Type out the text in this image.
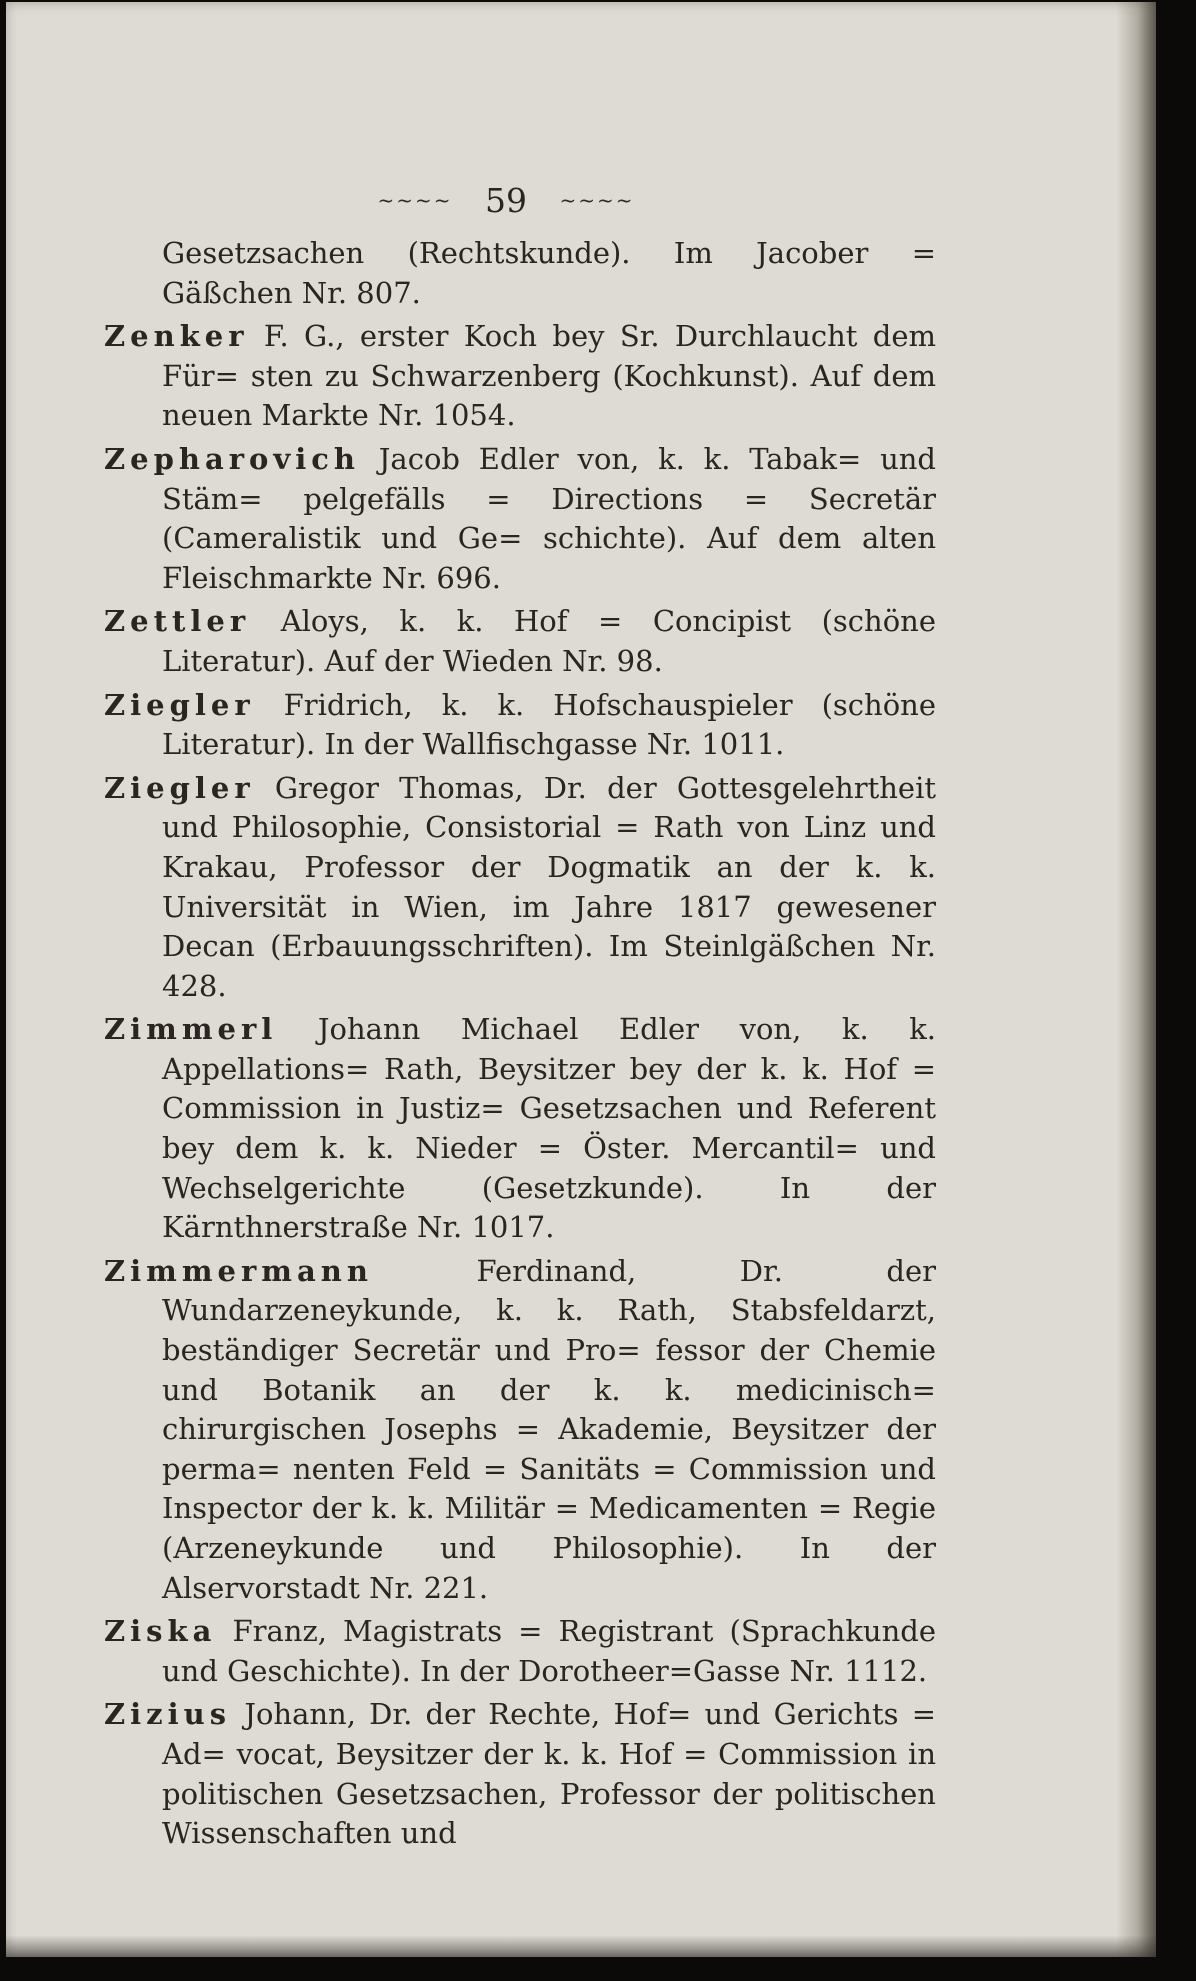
~~~~ 59 ~~~~
Gesetzsachen (Rechtskunde). Im Jacober = Gäßchen Nr. 807.
Zenker F. G., erster Koch bey Sr. Durchlaucht dem Für= sten zu Schwarzenberg (Kochkunst). Auf dem neuen Markte Nr. 1054.
Zepharovich Jacob Edler von, k. k. Tabak= und Stäm= pelgefälls = Directions = Secretär (Cameralistik und Ge= schichte). Auf dem alten Fleischmarkte Nr. 696.
Zettler Aloys, k. k. Hof = Concipist (schöne Literatur). Auf der Wieden Nr. 98.
Ziegler Fridrich, k. k. Hofschauspieler (schöne Literatur). In der Wallfischgasse Nr. 1011.
Ziegler Gregor Thomas, Dr. der Gottesgelehrtheit und Philosophie, Consistorial = Rath von Linz und Krakau, Professor der Dogmatik an der k. k. Universität in Wien, im Jahre 1817 gewesener Decan (Erbauungsschriften). Im Steinlgäßchen Nr. 428.
Zimmerl Johann Michael Edler von, k. k. Appellations= Rath, Beysitzer bey der k. k. Hof = Commission in Justiz= Gesetzsachen und Referent bey dem k. k. Nieder = Öster. Mercantil= und Wechselgerichte (Gesetzkunde). In der Kärnthnerstraße Nr. 1017.
Zimmermann	Ferdinand, Dr. der Wundarzeneykunde, k. k. Rath, Stabsfeldarzt, beständiger Secretär und Pro= fessor der Chemie und Botanik an der k. k. medicinisch= chirurgischen Josephs = Akademie, Beysitzer der perma= nenten Feld = Sanitäts = Commission und Inspector der k. k. Militär = Medicamenten = Regie (Arzeneykunde und Philosophie). In der Alservorstadt Nr. 221.
Ziska Franz, Magistrats = Registrant (Sprachkunde und Geschichte). In der Dorotheer=Gasse Nr. 1112.
Zizius Johann, Dr. der Rechte, Hof= und Gerichts = Ad= vocat, Beysitzer der k. k. Hof = Commission in politischen Gesetzsachen, Professor der politischen Wissenschaften und
